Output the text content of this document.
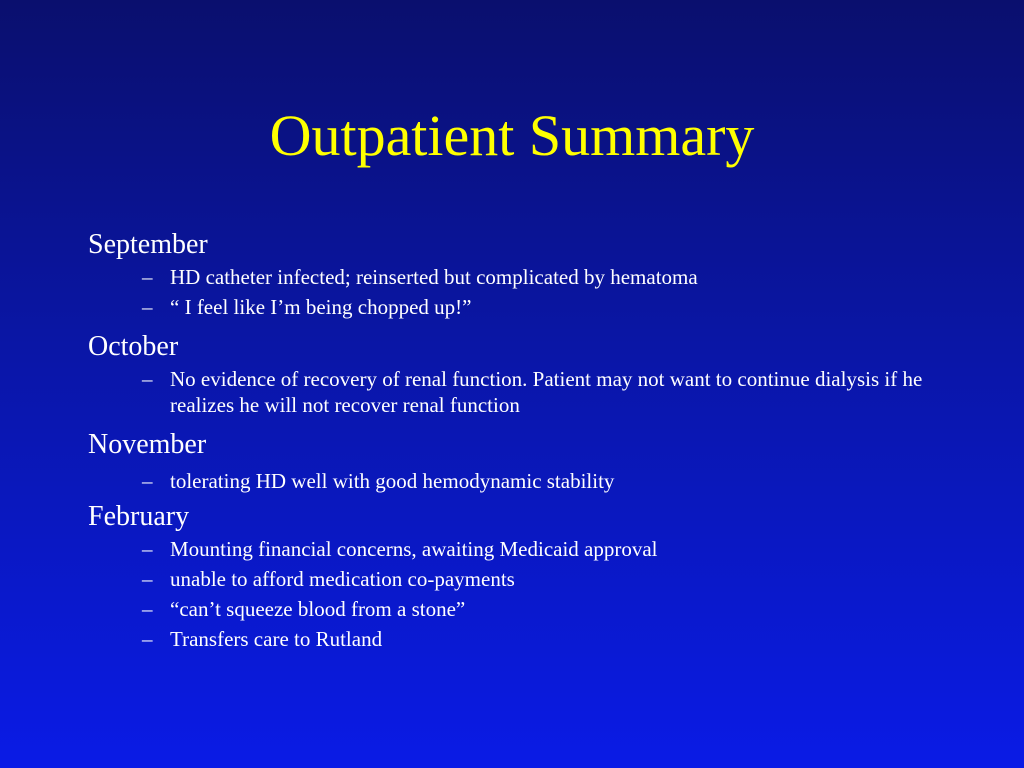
Outpatient Summary

September

– HD catheter infected; reinserted but complicated by hematoma
– “ I feel like I’m being chopped up!”

October

– No evidence of recovery of renal function. Patient may not want to continue dialysis if he realizes he will not recover renal function

November

– tolerating HD well with good hemodynamic stability

February

– Mounting financial concerns, awaiting Medicaid approval
– unable to afford medication co-payments
– “can’t squeeze blood from a stone”
– Transfers care to Rutland
